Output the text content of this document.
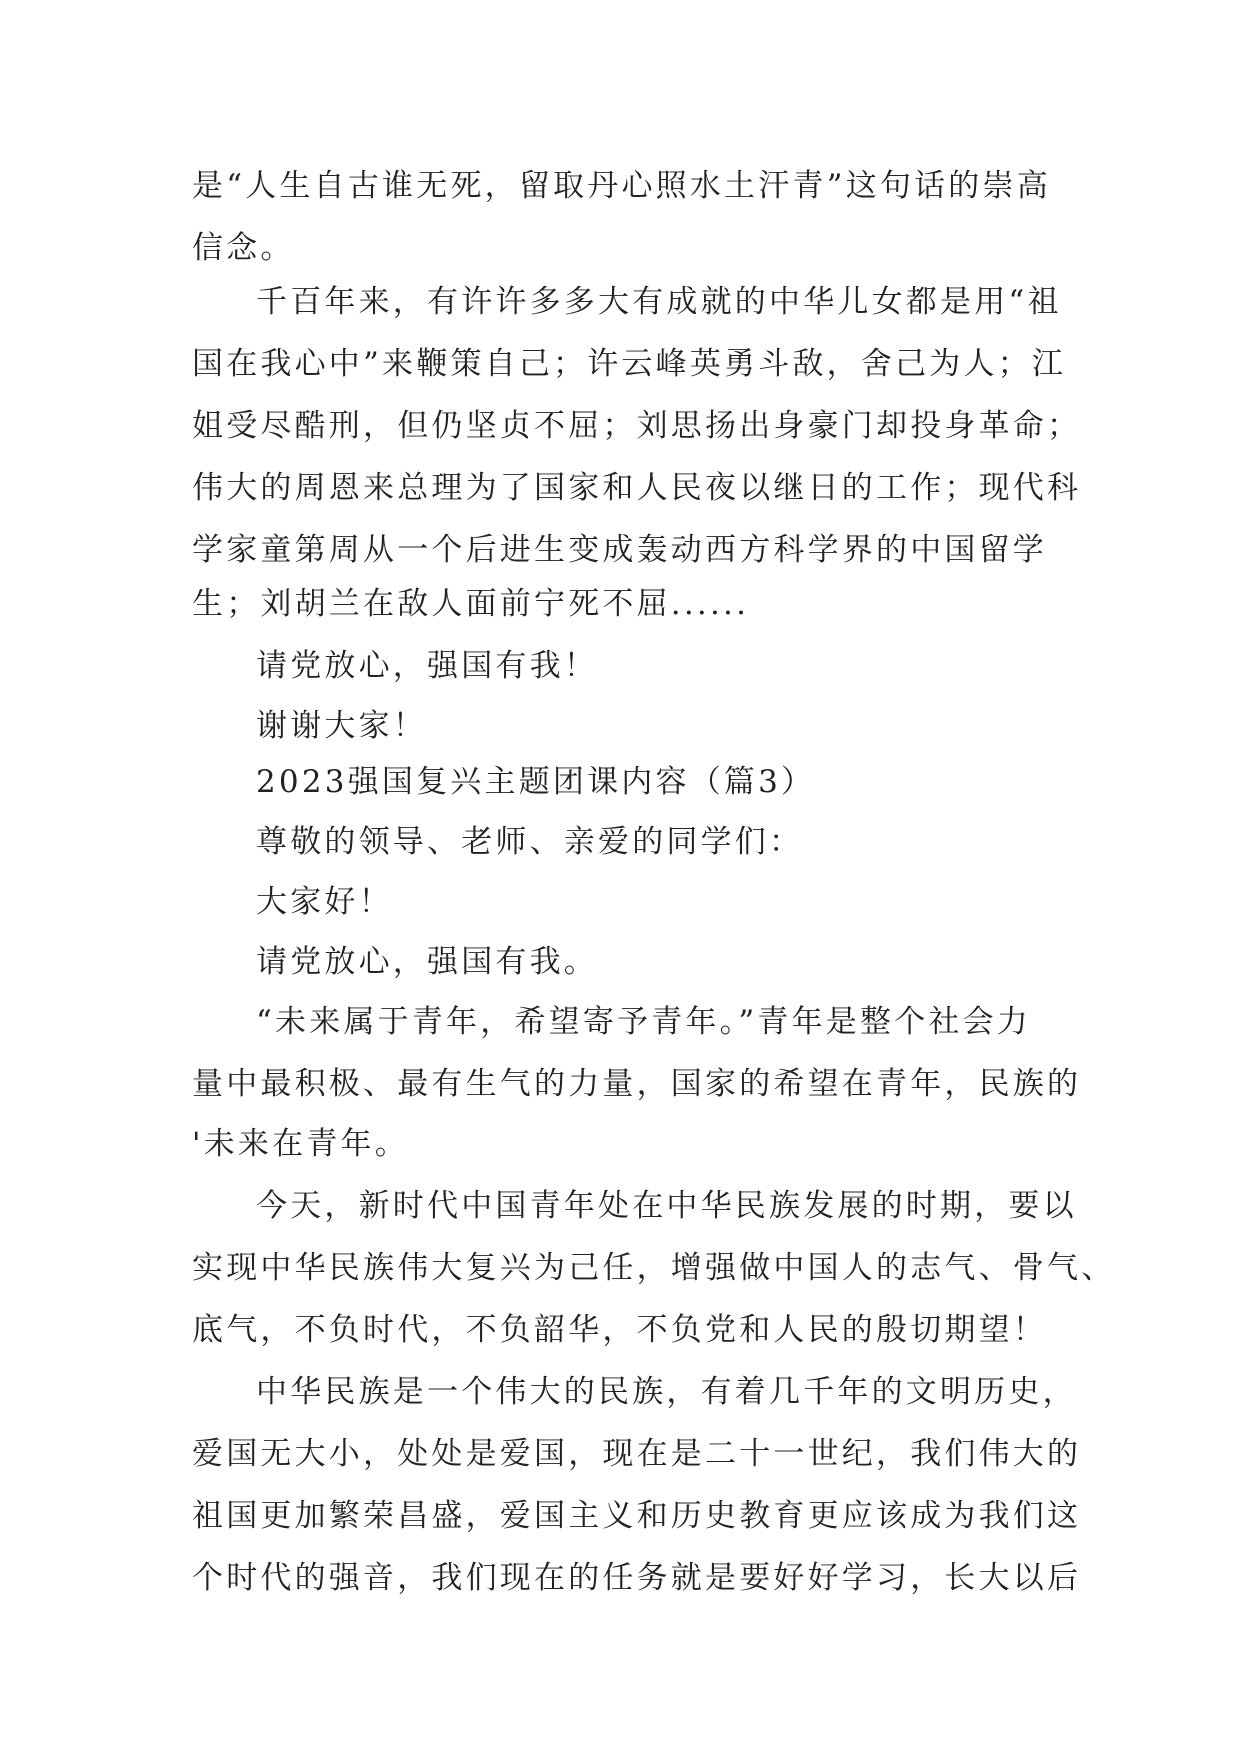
是“人生自古谁无死，留取丹心照水土汗青”这句话的崇高
信念。
千百年来，有许许多多大有成就的中华儿女都是用“祖
国在我心中”来鞭策自己；许云峰英勇斗敌，舍己为人；江
姐受尽酷刑，但仍坚贞不屈；刘思扬出身豪门却投身革命；
伟大的周恩来总理为了国家和人民夜以继日的工作；现代科
学家童第周从一个后进生变成轰动西方科学界的中国留学
生；刘胡兰在敌人面前宁死不屈......
请党放心，强国有我！
谢谢大家！
2023强国复兴主题团课内容（篇3）
尊敬的领导、老师、亲爱的同学们：
大家好！
请党放心，强国有我。
“未来属于青年，希望寄予青年。”青年是整个社会力
量中最积极、最有生气的力量，国家的希望在青年，民族的
'未来在青年。
今天，新时代中国青年处在中华民族发展的时期，要以
实现中华民族伟大复兴为己任，增强做中国人的志气、骨气、
底气，不负时代，不负韶华，不负党和人民的殷切期望！
中华民族是一个伟大的民族，有着几千年的文明历史，
爱国无大小，处处是爱国，现在是二十一世纪，我们伟大的
祖国更加繁荣昌盛，爱国主义和历史教育更应该成为我们这
个时代的强音，我们现在的任务就是要好好学习，长大以后
